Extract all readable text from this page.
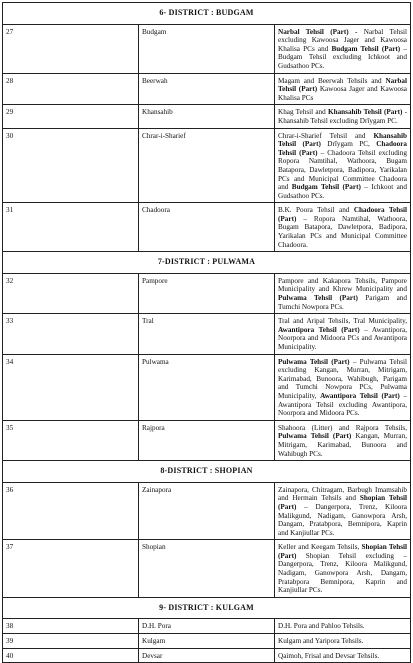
6- DISTRICT : BUDGAM		
27	Budgam	Narbal Tehsil (Part) - Narbal Tehsil excluding Kawoosa Jager and Kawoosa Khalisa PCs and Budgam Tehsil (Part) – Budgam Tehsil excluding Ichkoot and Gudsathoo PCs.
28	Beerwah	Magam and Beerwah Tehsils and Narbal Tehsil (Part) Kawoosa Jager and Kawoosa Khalisa PCs
29	Khansahib	Khag Tehsil and Khansahib Tehsil (Part) - Khansahib Tehsil excluding Drīygam PC.
30	Chrar-i-Sharief	Chrar-i-Sharief Tehsil and Khansahib Tehsil (Part) Drīygam PC, Chadoora Tehsil (Part) – Chadoora Tehsil excluding Ropora Namtihal, Wathoora, Bugam Batapora, Dawletpora, Badipora, Yarikalan PCs and Municipal Committee Chadoora and Budgam Tehsil (Part) – Ichkoot and Gudsathoo PCs.
31	Chadoora	B.K. Poora Tehsil and Chadoora Tehsil (Part) – Ropora Namtihal, Wathoora, Bugam Batapora, Dawletpora, Badipora, Yarikalan PCs and Municipal Committee Chadoora.
7-DISTRICT : PULWAMA		
32	Pampore	Pampore and Kakapora Tehsils, Pampore Municipality and Khrew Municipality and Pulwama Tehsil (Part) Parigam and Tumchi Nowpora PCs.
33	Tral	Tral and Aripal Tehsils, Tral Municipality, Awantipora Tehsil (Part) – Awantipora, Noorpora and Midoora PCs and Awantipora Municipality.
34	Pulwama	Pulwama Tehsil (Part) – Pulwama Tehsil excluding Kangan, Murran, Mitrigam, Karimabad, Bunoora, Wahibugh, Parigam and Tumchi Nowpora PCs, Pulwama Municipality, Awantipora Tehsil (Part) – Awantipora Tehsil excluding Awantipora, Noorpora and Midoora PCs.
35	Rajpora	Shahoora (Litter) and Rajpora Tehsils, Pulwama Tehsil (Part) Kangan, Murran, Mitrigam, Karimabad, Bunoora and Wahibugh PCs.
8-DISTRICT : SHOPIAN		
36	Zainapora	Zainapora, Chitragam, Barbugh Imamsahib and Hermain Tehsils and Shopian Tehsil (Part) – Dangerpora, Trenz, Kiloora Malikgund, Nadigam, Ganowpora Arsh, Dangam, Pratabpora, Bemnipora, Kaprin and Kanjiullar PCs.
37	Shopian	Keller and Keegam Tehsils, Shopian Tehsil (Part) Shopian Tehsil excluding – Dangerpora, Trenz, Kiloora Malikgund, Nadigam, Ganowpora Arsh, Dangam, Pratabpora Bemnipora, Kaprin and Kanjiullar PCs.
9- DISTRICT : KULGAM		
38	D.H. Pora	D.H. Pora and Pahloo Tehsils.
39	Kulgam	Kulgam and Yaripora Tehsils.
40	Devsar	Qaimoh, Frisal and Devsar Tehsils.
